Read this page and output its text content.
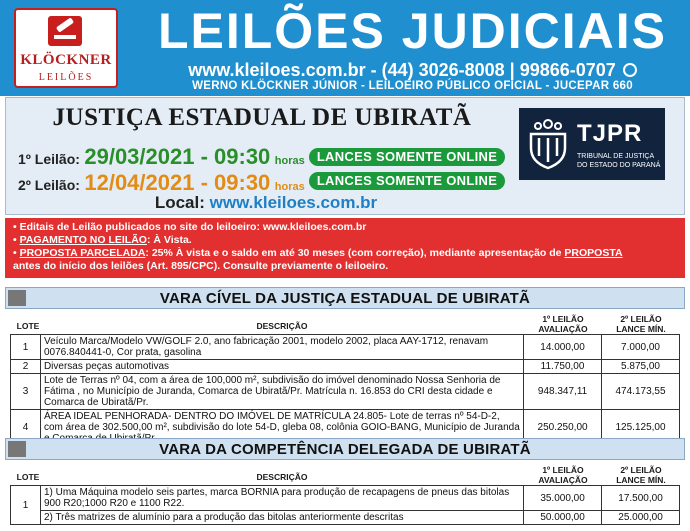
KLÖCKNER
LEILÕES
LEILÕES JUDICIAIS
www.kleiloes.com.br - (44) 3026-8008 | 99866-0707
WERNO KLÖCKNER JÚNIOR - LEILOEIRO PÚBLICO OFICIAL - JUCEPAR 660
JUSTIÇA ESTADUAL DE UBIRATÃ
1º Leilão: 29/03/2021 - 09:30 horas LANCES SOMENTE ONLINE
2º Leilão: 12/04/2021 - 09:30 horas LANCES SOMENTE ONLINE
Local: www.kleiloes.com.br
TJPR
TRIBUNAL DE JUSTIÇA
DO ESTADO DO PARANÁ
• Editais de Leilão publicados no site do leiloeiro: www.kleiloes.com.br
• PAGAMENTO NO LEILÃO: À Vista.
• PROPOSTA PARCELADA: 25% À vista e o saldo em até 30 meses (com correção), mediante apresentação de PROPOSTA
antes do início dos leilões (Art. 895/CPC). Consulte previamente o leiloeiro.
VARA CÍVEL DA JUSTIÇA ESTADUAL DE UBIRATÃ
LOTE	DESCRIÇÃO
1º LEILÃO
AVALIAÇÃO
2º LEILÃO
LANCE MÍN.
1	Veículo Marca/Modelo VW/GOLF 2.0, ano fabricação 2001, modelo 2002, placa AAY-1712, renavam 0076.840441-0, Cor prata, gasolina	14.000,00	7.000,00
2	Diversas peças automotivas	11.750,00	5.875,00
3	Lote de Terras nº 04, com a área de 100,000 m², subdivisão do imóvel denominado Nossa Senhoria de Fátima , no Município de Juranda, Comarca de Ubiratã/Pr. Matrícula n. 16.853 do CRI desta cidade e Comarca de Ubiratã/Pr.	948.347,11	474.173,55
4	ÁREA IDEAL PENHORADA- DENTRO DO IMÓVEL DE MATRÍCULA 24.805- Lote de terras nº 54-D-2, com área de 302.500,00 m², subdivisão do lote 54-D, gleba 08, colônia GOIO-BANG, Município de Juranda	250.250,00	125.125,00
VARA DA COMPETÊNCIA DELEGADA DE UBIRATÃ
LOTE	DESCRIÇÃO
1º LEILÃO
AVALIAÇÃO
2º LEILÃO
LANCE MÍN.
1	1) Uma Máquina modelo seis partes, marca BORNIA para produção de recapagens de pneus das bitolas 900 R20;1000 R20 e 1100 R22.	35.000,00	17.500,00
	2) Três matrizes de alumínio para a produção das bitolas anteriormente descritas	50.000,00	25.000,00
